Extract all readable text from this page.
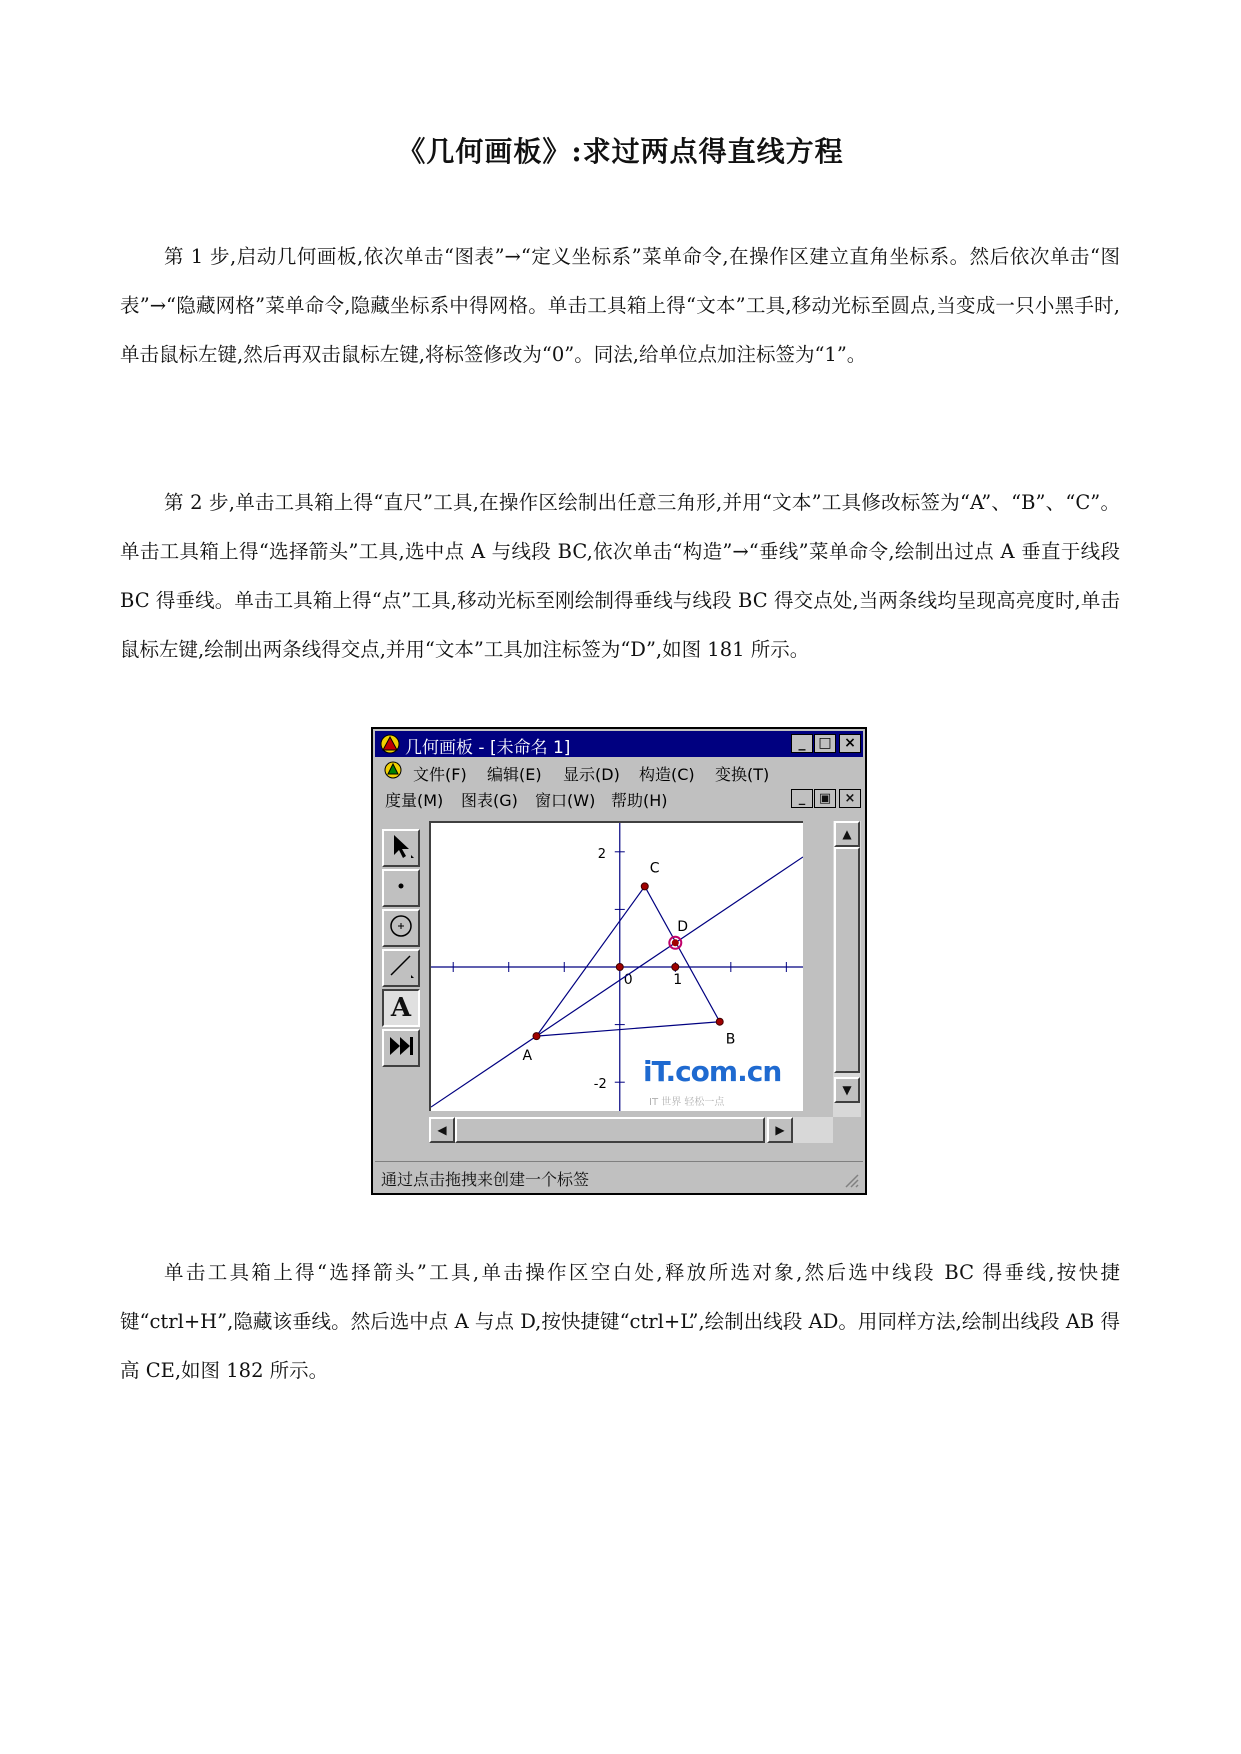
《几何画板》:求过两点得直线方程

第 1 步,启动几何画板,依次单击“图表”→“定义坐标系”菜单命令,在操作区建立直角坐标系。然后依次单击“图表”→“隐藏网格”菜单命令,隐藏坐标系中得网格。单击工具箱上得“文本”工具,移动光标至圆点,当变成一只小黑手时,单击鼠标左键,然后再双击鼠标左键,将标签修改为“0”。同法,给单位点加注标签为“1”。

第 2 步,单击工具箱上得“直尺”工具,在操作区绘制出任意三角形,并用“文本”工具修改标签为“A”、“B”、“C”。单击工具箱上得“选择箭头”工具,选中点 A 与线段 BC,依次单击“构造”→“垂线”菜单命令,绘制出过点 A 垂直于线段 BC 得垂线。单击工具箱上得“点”工具,移动光标至刚绘制得垂线与线段 BC 得交点处,当两条线均呈现高亮度时,单击鼠标左键,绘制出两条线得交点,并用“文本”工具加注标签为“D”,如图 181 所示。

几何画板 - [未命名 1]	_ □ ×
文件(F) 编辑(E) 显示(D) 构造(C) 变换(T)
度量(M) 图表(G) 窗口(W) 帮助(H)	_	▣	×
A
2
-2
0	1
A
B
C
D
iT.com.cn
IT 世界 轻松一点
▲
▼
◀	▶
通过点击拖拽来创建一个标签

单击工具箱上得“选择箭头”工具,单击操作区空白处,释放所选对象,然后选中线段 BC 得垂线,按快捷键“ctrl+H”,隐藏该垂线。然后选中点 A 与点 D,按快捷键“ctrl+L”,绘制出线段 AD。用同样方法,绘制出线段 AB 得高 CE,如图 182 所示。
